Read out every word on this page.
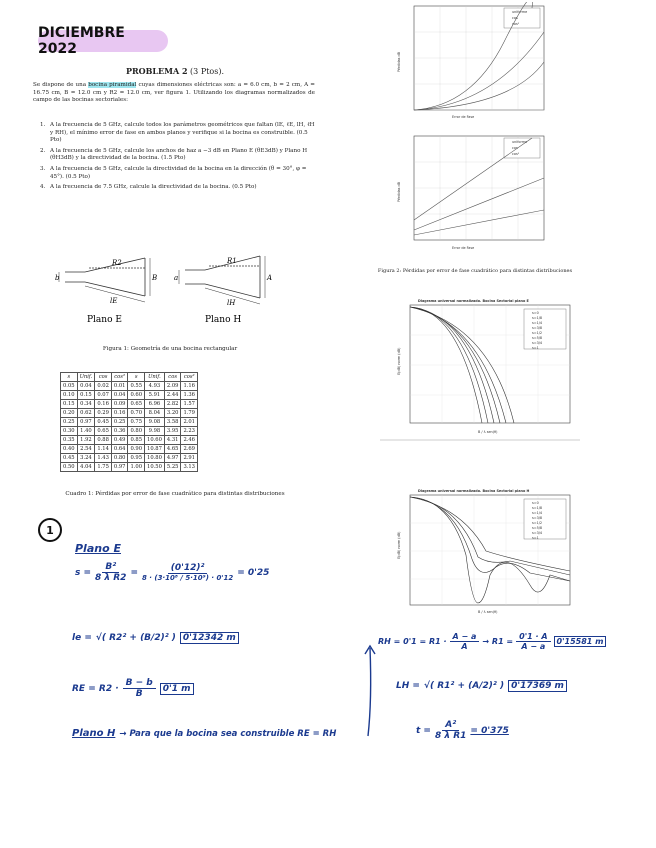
DICIEMBRE 2022
PROBLEMA 2 (3 Ptos).
Se dispone de una bocina piramidal cuyas dimensiones eléctricas son: a = 6.0 cm, b = 2 cm, A = 16.75 cm, B = 12.0 cm y R2 = 12.0 cm, ver figura 1. Utilizando los diagramas normalizados de campo de las bocinas sectoriales:
1. A la frecuencia de 5 GHz, calcule todos los parámetros geométricos que faltan (lE, ℓE, lH, ℓH y RH), el mínimo error de fase en ambos planos y verifique si la bocina es construible. (0.5 Pto)
2. A la frecuencia de 5 GHz, calcule los anchos de haz a −3 dB en Plano E (θE3dB) y Plano H (θH3dB) y la directividad de la bocina. (1.5 Pto)
3. A la frecuencia de 5 GHz, calcule la directividad de la bocina en la dirección (θ = 30°, φ = 45°). (0.5 Pto)
4. A la frecuencia de 7.5 GHz, calcule la directividad de la bocina. (0.5 Pto)
R2	R1
lE	lH
b	B a	A
Plano E	Plano H
Figura 1: Geometría de una bocina rectangular
s	Unif.	cos	cos²	s	Unif.	cos	cos²
0.05	0.04	0.02	0.01	0.55	4.93	2.09	1.16
0.10	0.15	0.07	0.04	0.60	5.91	2.44	1.36
0.15	0.34	0.16	0.09	0.65	6.96	2.82	1.57
0.20	0.62	0.29	0.16	0.70	8.04	3.20	1.79
0.25	0.97	0.45	0.25	0.75	9.08	3.58	2.01
0.30	1.40	0.65	0.36	0.80	9.98	3.95	2.23
0.35	1.92	0.88	0.49	0.85	10.60	4.31	2.46
0.40	2.54	1.14	0.64	0.90	10.87	4.65	2.69
0.45	3.24	1.43	0.80	0.95	10.80	4.97	2.91
0.50	4.04	1.75	0.97	1.00	10.50	5.25	3.13
Cuadro 1: Pérdidas por error de fase cuadrático para distintas distribuciones
uniforme
cos
cos²
Error de Fase
Pérdidas dB
uniforme
cos
cos²
Error de Fase
Pérdidas dB
Figura 2: Pérdidas por error de fase cuadrático para distintas distribuciones
Diagrama universal normalizado. Bocina Sectorial plano E
s=0
s=1/8
s=1/4
s=3/8
s=1/2
s=5/8
s=3/4
s=1
B / λ sen(θ)
E(dB) norm (dB)
Diagrama universal normalizado. Bocina Sectorial plano H
s=0
s=1/8
s=1/4
s=3/8
s=1/2
s=5/8
s=3/4
s=1
B / λ sen(θ)
E(dB) norm (dB)
1
Plano E
$s = \frac{\text{B²}}{\text{8 λ R2}} = \frac{\text{(0'12)²}}{\text{8 · (3·10⁸ / 5·10⁹) · 0'12}} = 0'25$
le = √( R2² + (B/2)² ) 0'12342 m
RE = $R2 \cdot \frac{B - b}{B} 0'1$ m
Plano H → Para que la bocina sea construible RE = RH
RH = $0'1 = R1 \cdot \frac{A - a}{A} \to R1 = \frac{0'1 \cdot A}{A - a} 0'15581$ m
LH = √( R1² + (A/2)² ) 0'17369 m
$t = \frac{\text{A²}}{\text{8 λ R1}} = 0'375$
